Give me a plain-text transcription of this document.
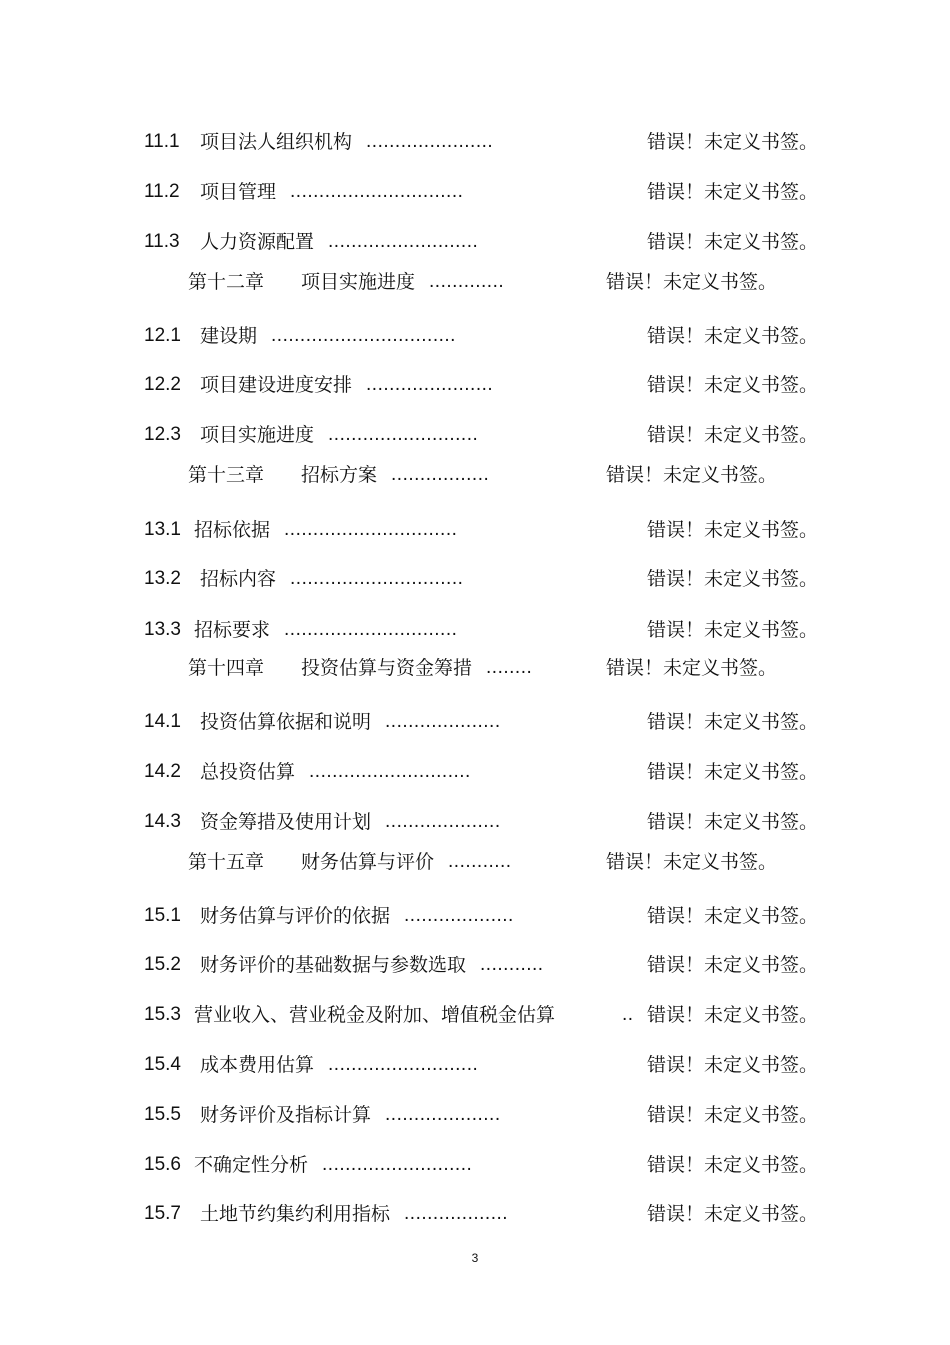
11.1 项目法人组织机构 ......................	错误！未定义书签。
11.2 项目管理 ..............................	错误！未定义书签。
11.3 人力资源配置 ..........................	错误！未定义书签。
第十二章 项目实施进度 .............	错误！未定义书签。
12.1 建设期 ................................	错误！未定义书签。
12.2 项目建设进度安排 ......................	错误！未定义书签。
12.3 项目实施进度 ..........................	错误！未定义书签。
第十三章 招标方案 .................	错误！未定义书签。
13.1 招标依据 ..............................	错误！未定义书签。
13.2 招标内容 ..............................	错误！未定义书签。
13.3 招标要求 ..............................	错误！未定义书签。
第十四章 投资估算与资金筹措 ........	错误！未定义书签。
14.1 投资估算依据和说明 ....................	错误！未定义书签。
14.2 总投资估算 ............................	错误！未定义书签。
14.3 资金筹措及使用计划 ....................	错误！未定义书签。
第十五章 财务估算与评价 ...........	错误！未定义书签。
15.1 财务估算与评价的依据 ...................	错误！未定义书签。
15.2 财务评价的基础数据与参数选取 ...........	错误！未定义书签。
15.3 营业收入、营业税金及附加、增值税金估算	.. 错误！未定义书签。
15.4 成本费用估算 ..........................	错误！未定义书签。
15.5 财务评价及指标计算 ....................	错误！未定义书签。
15.6 不确定性分析 ..........................	错误！未定义书签。
15.7 土地节约集约利用指标 ..................	错误！未定义书签。
3
